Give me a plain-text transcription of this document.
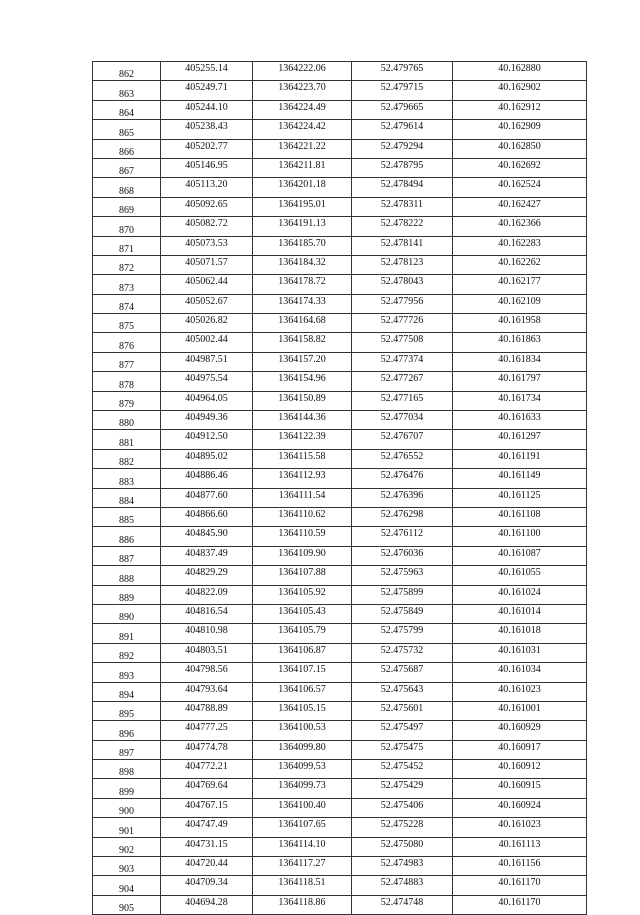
862	405255.14	1364222.06	52.479765	40.162880
863	405249.71	1364223.70	52.479715	40.162902
864	405244.10	1364224.49	52.479665	40.162912
865	405238.43	1364224.42	52.479614	40.162909
866	405202.77	1364221.22	52.479294	40.162850
867	405146.95	1364211.81	52.478795	40.162692
868	405113.20	1364201.18	52.478494	40.162524
869	405092.65	1364195.01	52.478311	40.162427
870	405082.72	1364191.13	52.478222	40.162366
871	405073.53	1364185.70	52.478141	40.162283
872	405071.57	1364184.32	52.478123	40.162262
873	405062.44	1364178.72	52.478043	40.162177
874	405052.67	1364174.33	52.477956	40.162109
875	405026.82	1364164.68	52.477726	40.161958
876	405002.44	1364158.82	52.477508	40.161863
877	404987.51	1364157.20	52.477374	40.161834
878	404975.54	1364154.96	52.477267	40.161797
879	404964.05	1364150.89	52.477165	40.161734
880	404949.36	1364144.36	52.477034	40.161633
881	404912.50	1364122.39	52.476707	40.161297
882	404895.02	1364115.58	52.476552	40.161191
883	404886.46	1364112.93	52.476476	40.161149
884	404877.60	1364111.54	52.476396	40.161125
885	404866.60	1364110.62	52.476298	40.161108
886	404845.90	1364110.59	52.476112	40.161100
887	404837.49	1364109.90	52.476036	40.161087
888	404829.29	1364107.88	52.475963	40.161055
889	404822.09	1364105.92	52.475899	40.161024
890	404816.54	1364105.43	52.475849	40.161014
891	404810.98	1364105.79	52.475799	40.161018
892	404803.51	1364106.87	52.475732	40.161031
893	404798.56	1364107.15	52.475687	40.161034
894	404793.64	1364106.57	52.475643	40.161023
895	404788.89	1364105.15	52.475601	40.161001
896	404777.25	1364100.53	52.475497	40.160929
897	404774.78	1364099.80	52.475475	40.160917
898	404772.21	1364099.53	52.475452	40.160912
899	404769.64	1364099.73	52.475429	40.160915
900	404767.15	1364100.40	52.475406	40.160924
901	404747.49	1364107.65	52.475228	40.161023
902	404731.15	1364114.10	52.475080	40.161113
903	404720.44	1364117.27	52.474983	40.161156
904	404709.34	1364118.51	52.474883	40.161170
905	404694.28	1364118.86	52.474748	40.161170
